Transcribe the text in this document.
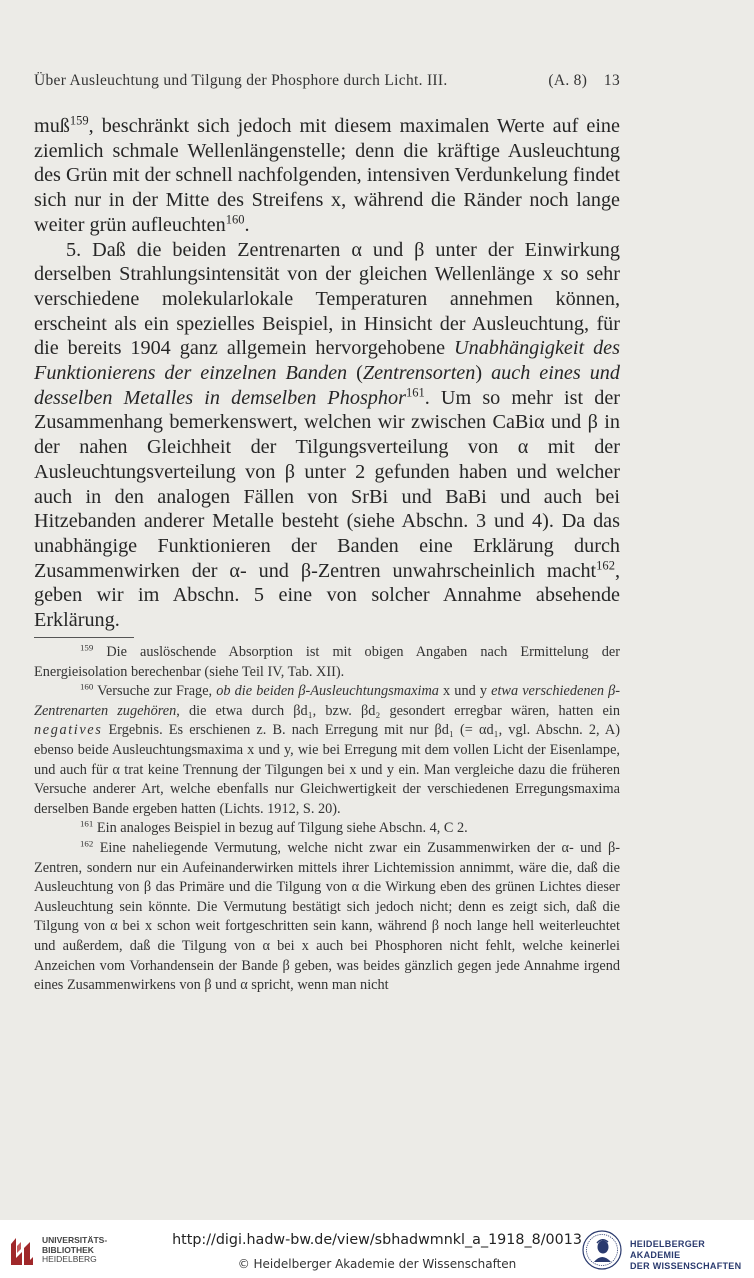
Über Ausleuchtung und Tilgung der Phosphore durch Licht. III.	(A. 8) 13

muß$^{159}$, beschränkt sich jedoch mit diesem maximalen Werte auf eine ziemlich schmale Wellenlängenstelle; denn die kräftige Ausleuchtung des Grün mit der schnell nachfolgenden, intensiven Verdunkelung findet sich nur in der Mitte des Streifens x, während die Ränder noch lange weiter grün aufleuchten$^{160}$.

5. Daß die beiden Zentrenarten α und β unter der Einwirkung derselben Strahlungsintensität von der gleichen Wellenlänge x so sehr verschiedene molekularlokale Temperaturen annehmen können, erscheint als ein spezielles Beispiel, in Hinsicht der Ausleuchtung, für die bereits 1904 ganz allgemein hervorgehobene Unabhängigkeit des Funktionierens der einzelnen Banden (Zentrensorten) auch eines und desselben Metalles in demselben Phosphor$^{161}$. Um so mehr ist der Zusammenhang bemerkenswert, welchen wir zwischen CaBiα und β in der nahen Gleichheit der Tilgungsverteilung von α mit der Ausleuchtungsverteilung von β unter 2 gefunden haben und welcher auch in den analogen Fällen von SrBi und BaBi und auch bei Hitzebanden anderer Metalle besteht (siehe Abschn. 3 und 4). Da das unabhängige Funktionieren der Banden eine Erklärung durch Zusammenwirken der α- und β-Zentren unwahrscheinlich macht$^{162}$, geben wir im Abschn. 5 eine von solcher Annahme absehende Erklärung.

$^{159}$ Die auslöschende Absorption ist mit obigen Angaben nach Ermittelung der Energieisolation berechenbar (siehe Teil IV, Tab. XII).

$^{160}$ Versuche zur Frage, ob die beiden β-Ausleuchtungsmaxima x und y etwa verschiedenen β-Zentrenarten zugehören, die etwa durch βd₁, bzw. βd₂ gesondert erregbar wären, hatten ein negatives Ergebnis. Es erschienen z. B. nach Erregung mit nur βd₁ (= αd₁, vgl. Abschn. 2, A) ebenso beide Ausleuchtungsmaxima x und y, wie bei Erregung mit dem vollen Licht der Eisenlampe, und auch für α trat keine Trennung der Tilgungen bei x und y ein. Man vergleiche dazu die früheren Versuche anderer Art, welche ebenfalls nur Gleichwertigkeit der verschiedenen Erregungsmaxima derselben Bande ergeben hatten (Lichts. 1912, S. 20).

$^{161}$ Ein analoges Beispiel in bezug auf Tilgung siehe Abschn. 4, C 2.

$^{162}$ Eine naheliegende Vermutung, welche nicht zwar ein Zusammenwirken der α- und β-Zentren, sondern nur ein Aufeinanderwirken mittels ihrer Lichtemission annimmt, wäre die, daß die Ausleuchtung von β das Primäre und die Tilgung von α die Wirkung eben des grünen Lichtes dieser Ausleuchtung sein könnte. Die Vermutung bestätigt sich jedoch nicht; denn es zeigt sich, daß die Tilgung von α bei x schon weit fortgeschritten sein kann, während β noch lange hell weiterleuchtet und außerdem, daß die Tilgung von α bei x auch bei Phosphoren nicht fehlt, welche keinerlei Anzeichen vom Vorhandensein der Bande β geben, was beides gänzlich gegen jede Annahme irgend eines Zusammenwirkens von β und α spricht, wenn man nicht

UNIVERSITÄTS-
BIBLIOTHEK
HEIDELBERG
http://digi.hadw-bw.de/view/sbhadwmnkl_a_1918_8/0013
© Heidelberger Akademie der Wissenschaften
HEIDELBERGER AKADEMIE
DER WISSENSCHAFTEN
